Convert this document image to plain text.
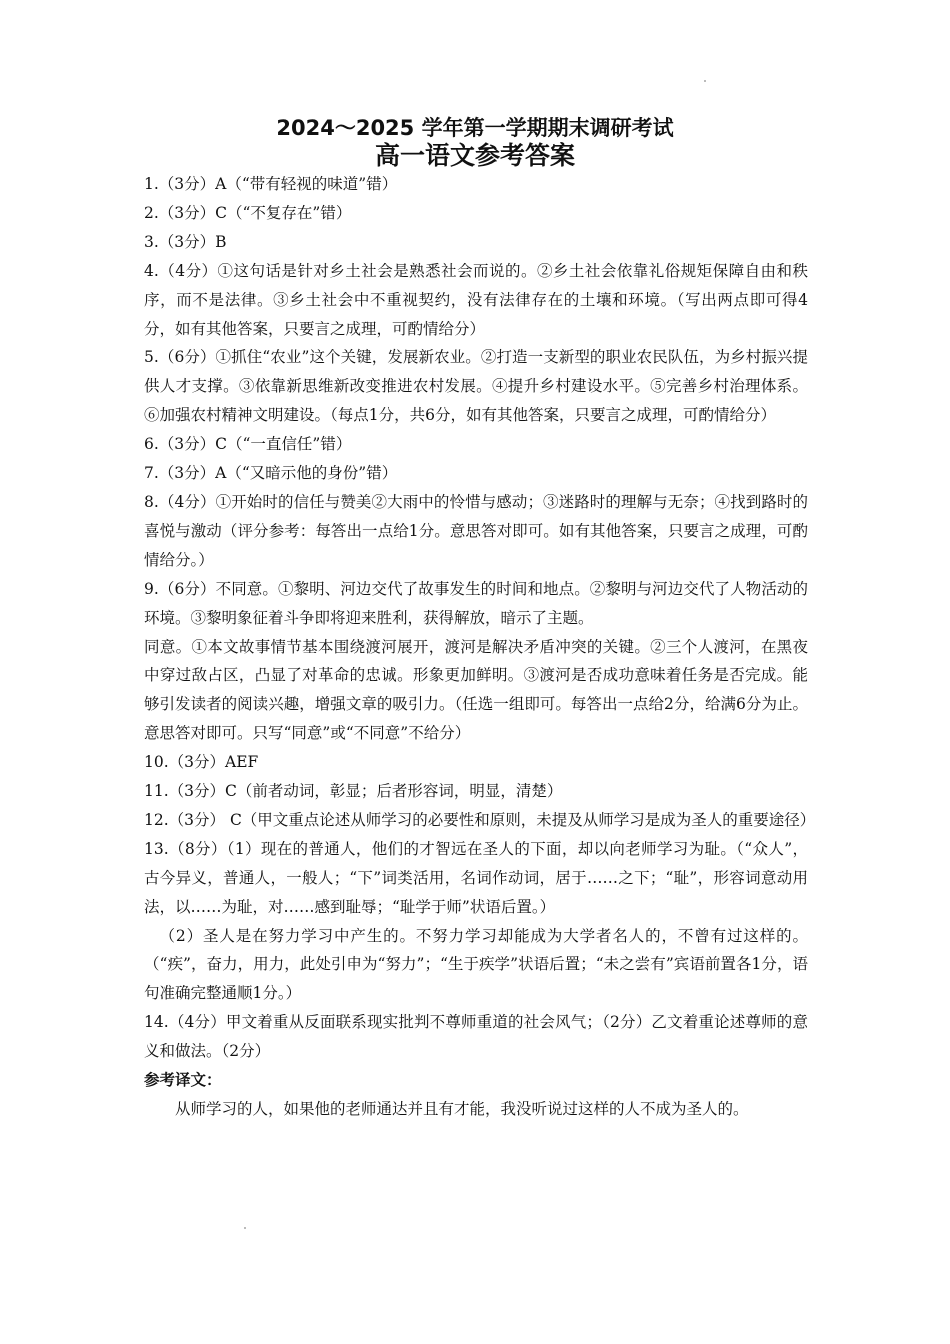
2024～2025 学年第一学期期末调研考试
高一语文参考答案

1.（3分）A（“带有轻视的味道”错）

2.（3分）C（“不复存在”错）

3.（3分）B

4.（4分）①这句话是针对乡土社会是熟悉社会而说的。②乡土社会依靠礼俗规矩保障自由和秩序，而不是法律。③乡土社会中不重视契约，没有法律存在的土壤和环境。（写出两点即可得4分，如有其他答案，只要言之成理，可酌情给分）

5.（6分）①抓住“农业”这个关键，发展新农业。②打造一支新型的职业农民队伍，为乡村振兴提供人才支撑。③依靠新思维新改变推进农村发展。④提升乡村建设水平。⑤完善乡村治理体系。⑥加强农村精神文明建设。（每点1分，共6分，如有其他答案，只要言之成理，可酌情给分）

6.（3分）C（“一直信任”错）

7.（3分）A（“又暗示他的身份”错）

8.（4分）①开始时的信任与赞美②大雨中的怜惜与感动；③迷路时的理解与无奈；④找到路时的喜悦与激动（评分参考：每答出一点给1分。意思答对即可。如有其他答案，只要言之成理，可酌情给分。）

9.（6分）不同意。①黎明、河边交代了故事发生的时间和地点。②黎明与河边交代了人物活动的环境。③黎明象征着斗争即将迎来胜利，获得解放，暗示了主题。

同意。①本文故事情节基本围绕渡河展开，渡河是解决矛盾冲突的关键。②三个人渡河，在黑夜中穿过敌占区，凸显了对革命的忠诚。形象更加鲜明。③渡河是否成功意味着任务是否完成。能够引发读者的阅读兴趣，增强文章的吸引力。（任选一组即可。每答出一点给2分，给满6分为止。意思答对即可。只写“同意”或“不同意”不给分）

10.（3分）AEF

11.（3分）C（前者动词，彰显；后者形容词，明显，清楚）

12.（3分） C（甲文重点论述从师学习的必要性和原则，未提及从师学习是成为圣人的重要途径）

13.（8分）（1）现在的普通人，他们的才智远在圣人的下面，却以向老师学习为耻。（“众人”，古今异义，普通人，一般人；“下”词类活用，名词作动词，居于……之下；“耻”，形容词意动用法，以……为耻，对……感到耻辱；“耻学于师”状语后置。）

（2）圣人是在努力学习中产生的。不努力学习却能成为大学者名人的，不曾有过这样的。（“疾”，奋力，用力，此处引申为“努力”；“生于疾学”状语后置；“未之尝有”宾语前置各1分，语句准确完整通顺1分。）

14.（4分）甲文着重从反面联系现实批判不尊师重道的社会风气；（2分）乙文着重论述尊师的意义和做法。（2分）

参考译文：

从师学习的人，如果他的老师通达并且有才能，我没听说过这样的人不成为圣人的。
